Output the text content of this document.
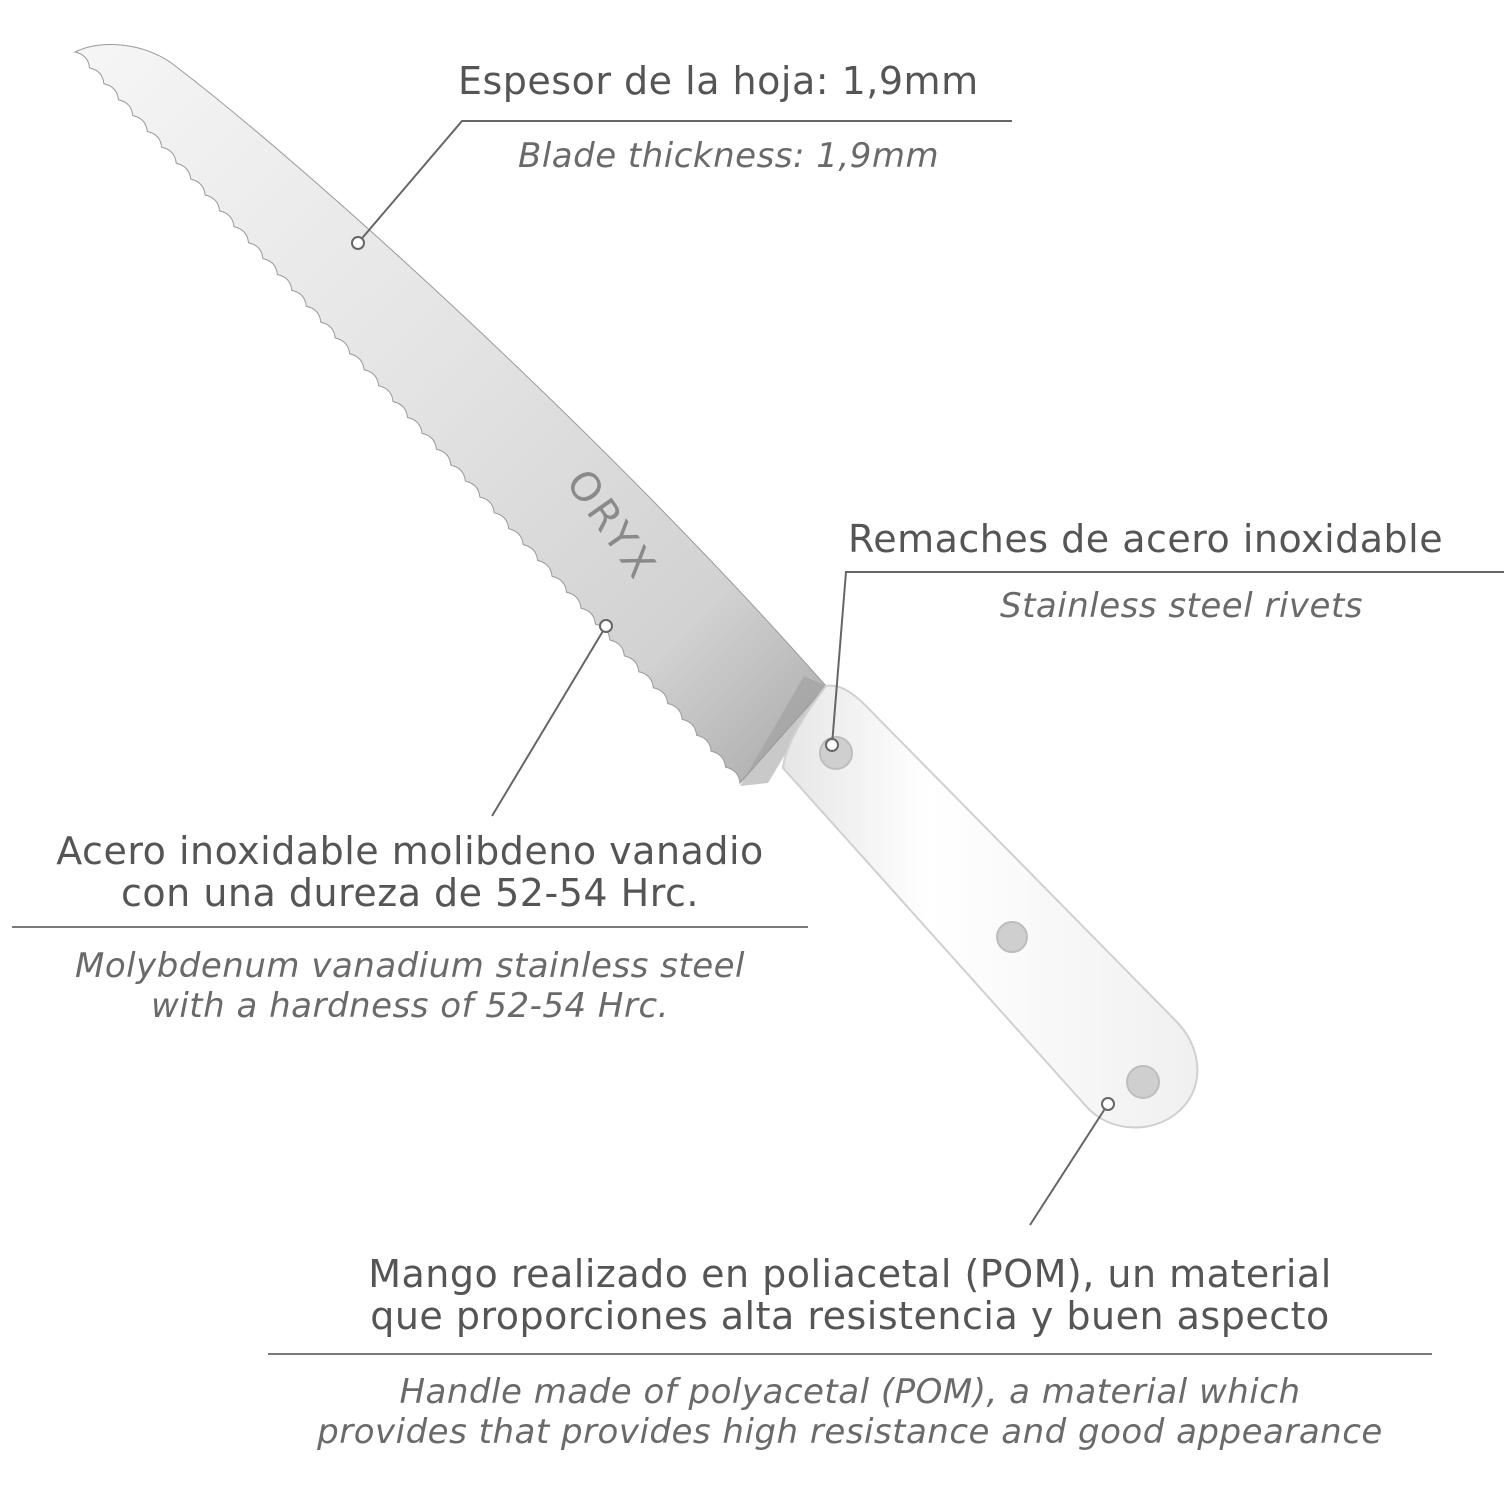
ORYX
Espesor de la hoja: 1,9mm
Blade thickness: 1,9mm
Remaches de acero inoxidable
Stainless steel rivets
Acero inoxidable molibdeno vanadio
con una dureza de 52-54 Hrc.
Molybdenum vanadium stainless steel
with a hardness of 52-54 Hrc.
Mango realizado en poliacetal (POM), un material
que proporciones alta resistencia y buen aspecto
Handle made of polyacetal (POM), a material which
provides that provides high resistance and good appearance
